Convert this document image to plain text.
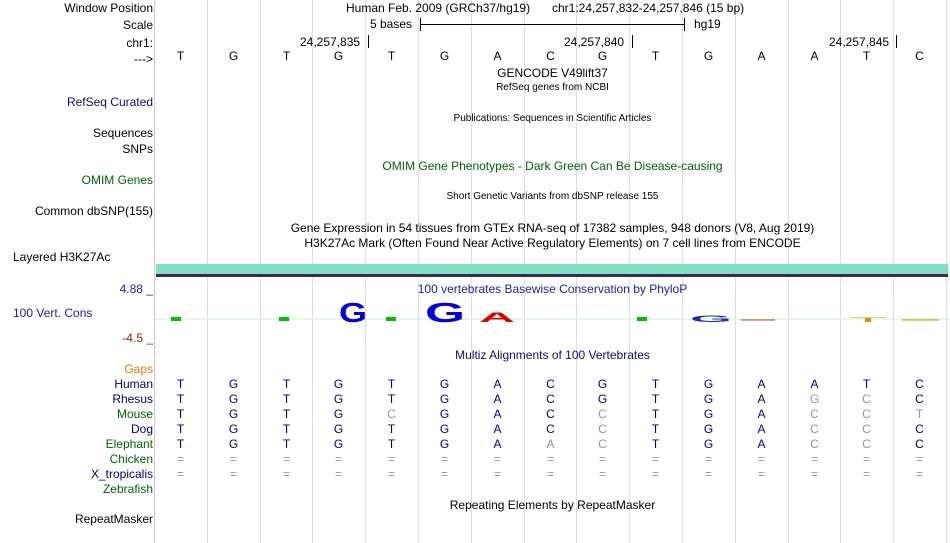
Window Position	Human Feb. 2009 (GRCh37/hg19) chr1:24,257,832-24,257,846 (15 bp)
Scale	5 bases	hg19
chr1:	24,257,835	24,257,840	24,257,845
--->	T	G	T	G	T	G	A	C	G	T	G	A	A	T	C
GENCODE V49lift37
RefSeq genes from NCBI
RefSeq Curated
Publications: Sequences in Scientific Articles
Sequences
SNPs
OMIM Gene Phenotypes - Dark Green Can Be Disease-causing
OMIM Genes
Short Genetic Variants from dbSNP release 155
Common dbSNP(155)
Gene Expression in 54 tissues from GTEx RNA-seq of 17382 samples, 948 donors (V8, Aug 2019)
H3K27Ac Mark (Often Found Near Active Regulatory Elements) on 7 cell lines from ENCODE
Layered H3K27Ac
100 vertebrates Basewise Conservation by PhyloP
4.88 _
100 Vert. Cons
-4.5 _
G G A	G	T
Multiz Alignments of 100 Vertebrates
Gaps
Human	T	G	T	G	T	G	A	C	G	T	G	A	A	T	C
Rhesus	T	G	T	G	T	G	A	C	G	T	G	A	G	C	C
Mouse	T	G	T	G	C	G	A	C	C	T	G	A	C	C	T
Dog	T	G	T	G	T	G	A	C	C	T	G	A	C	C	C
Elephant	T	G	T	G	T	G	A	A	C	T	G	A	C	C	C
Chicken	=	=	=	=	=	=	=	=	=	=	=	=	=	=	=
X_tropicalis	=	=	=	=	=	=	=	=	=	=	=	=	=	=	=
Zebrafish
Repeating Elements by RepeatMasker
RepeatMasker
